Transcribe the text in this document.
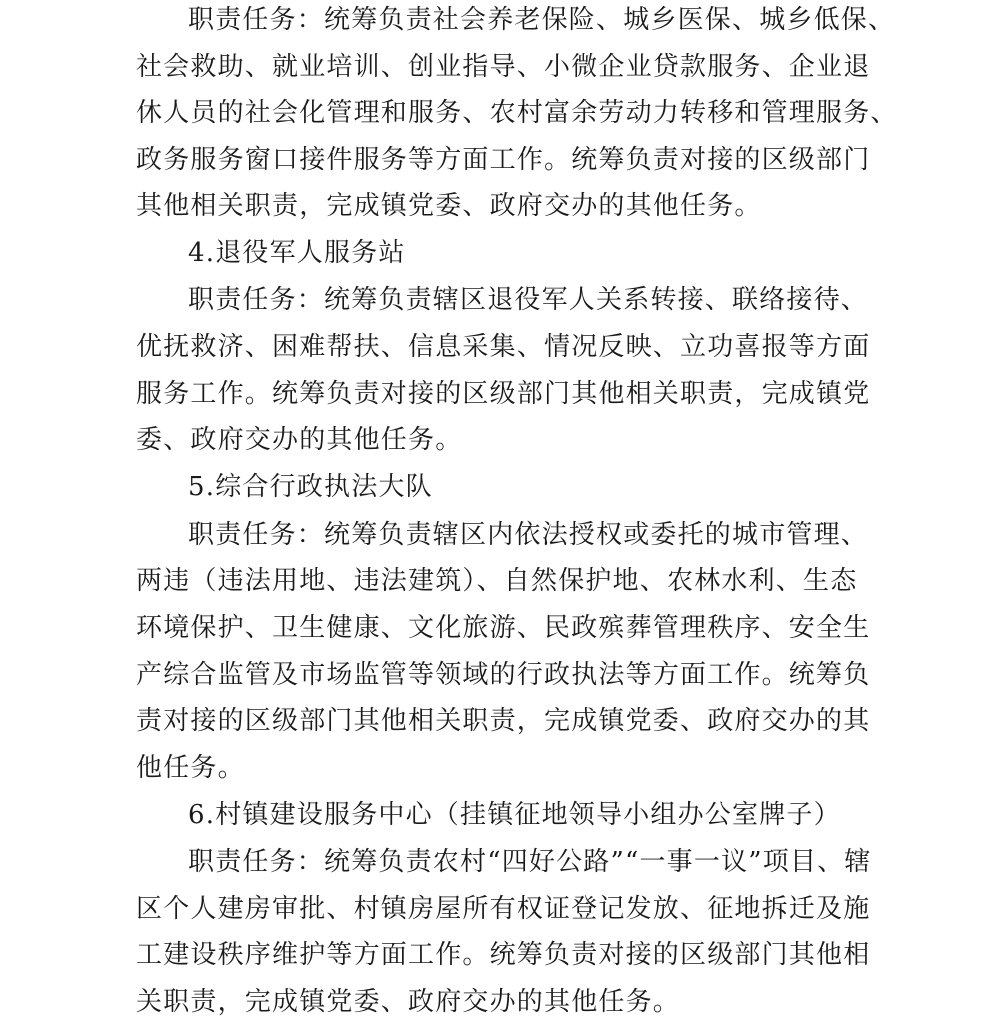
职责任务：统筹负责社会养老保险、城乡医保、城乡低保、
社会救助、就业培训、创业指导、小微企业贷款服务、企业退
休人员的社会化管理和服务、农村富余劳动力转移和管理服务、
政务服务窗口接件服务等方面工作。统筹负责对接的区级部门
其他相关职责，完成镇党委、政府交办的其他任务。
4.退役军人服务站
职责任务：统筹负责辖区退役军人关系转接、联络接待、
优抚救济、困难帮扶、信息采集、情况反映、立功喜报等方面
服务工作。统筹负责对接的区级部门其他相关职责，完成镇党
委、政府交办的其他任务。
5.综合行政执法大队
职责任务：统筹负责辖区内依法授权或委托的城市管理、
两违（违法用地、违法建筑）、自然保护地、农林水利、生态
环境保护、卫生健康、文化旅游、民政殡葬管理秩序、安全生
产综合监管及市场监管等领域的行政执法等方面工作。统筹负
责对接的区级部门其他相关职责，完成镇党委、政府交办的其
他任务。
6.村镇建设服务中心（挂镇征地领导小组办公室牌子）
职责任务：统筹负责农村“四好公路”“一事一议”项目、辖
区个人建房审批、村镇房屋所有权证登记发放、征地拆迁及施
工建设秩序维护等方面工作。统筹负责对接的区级部门其他相
关职责，完成镇党委、政府交办的其他任务。
